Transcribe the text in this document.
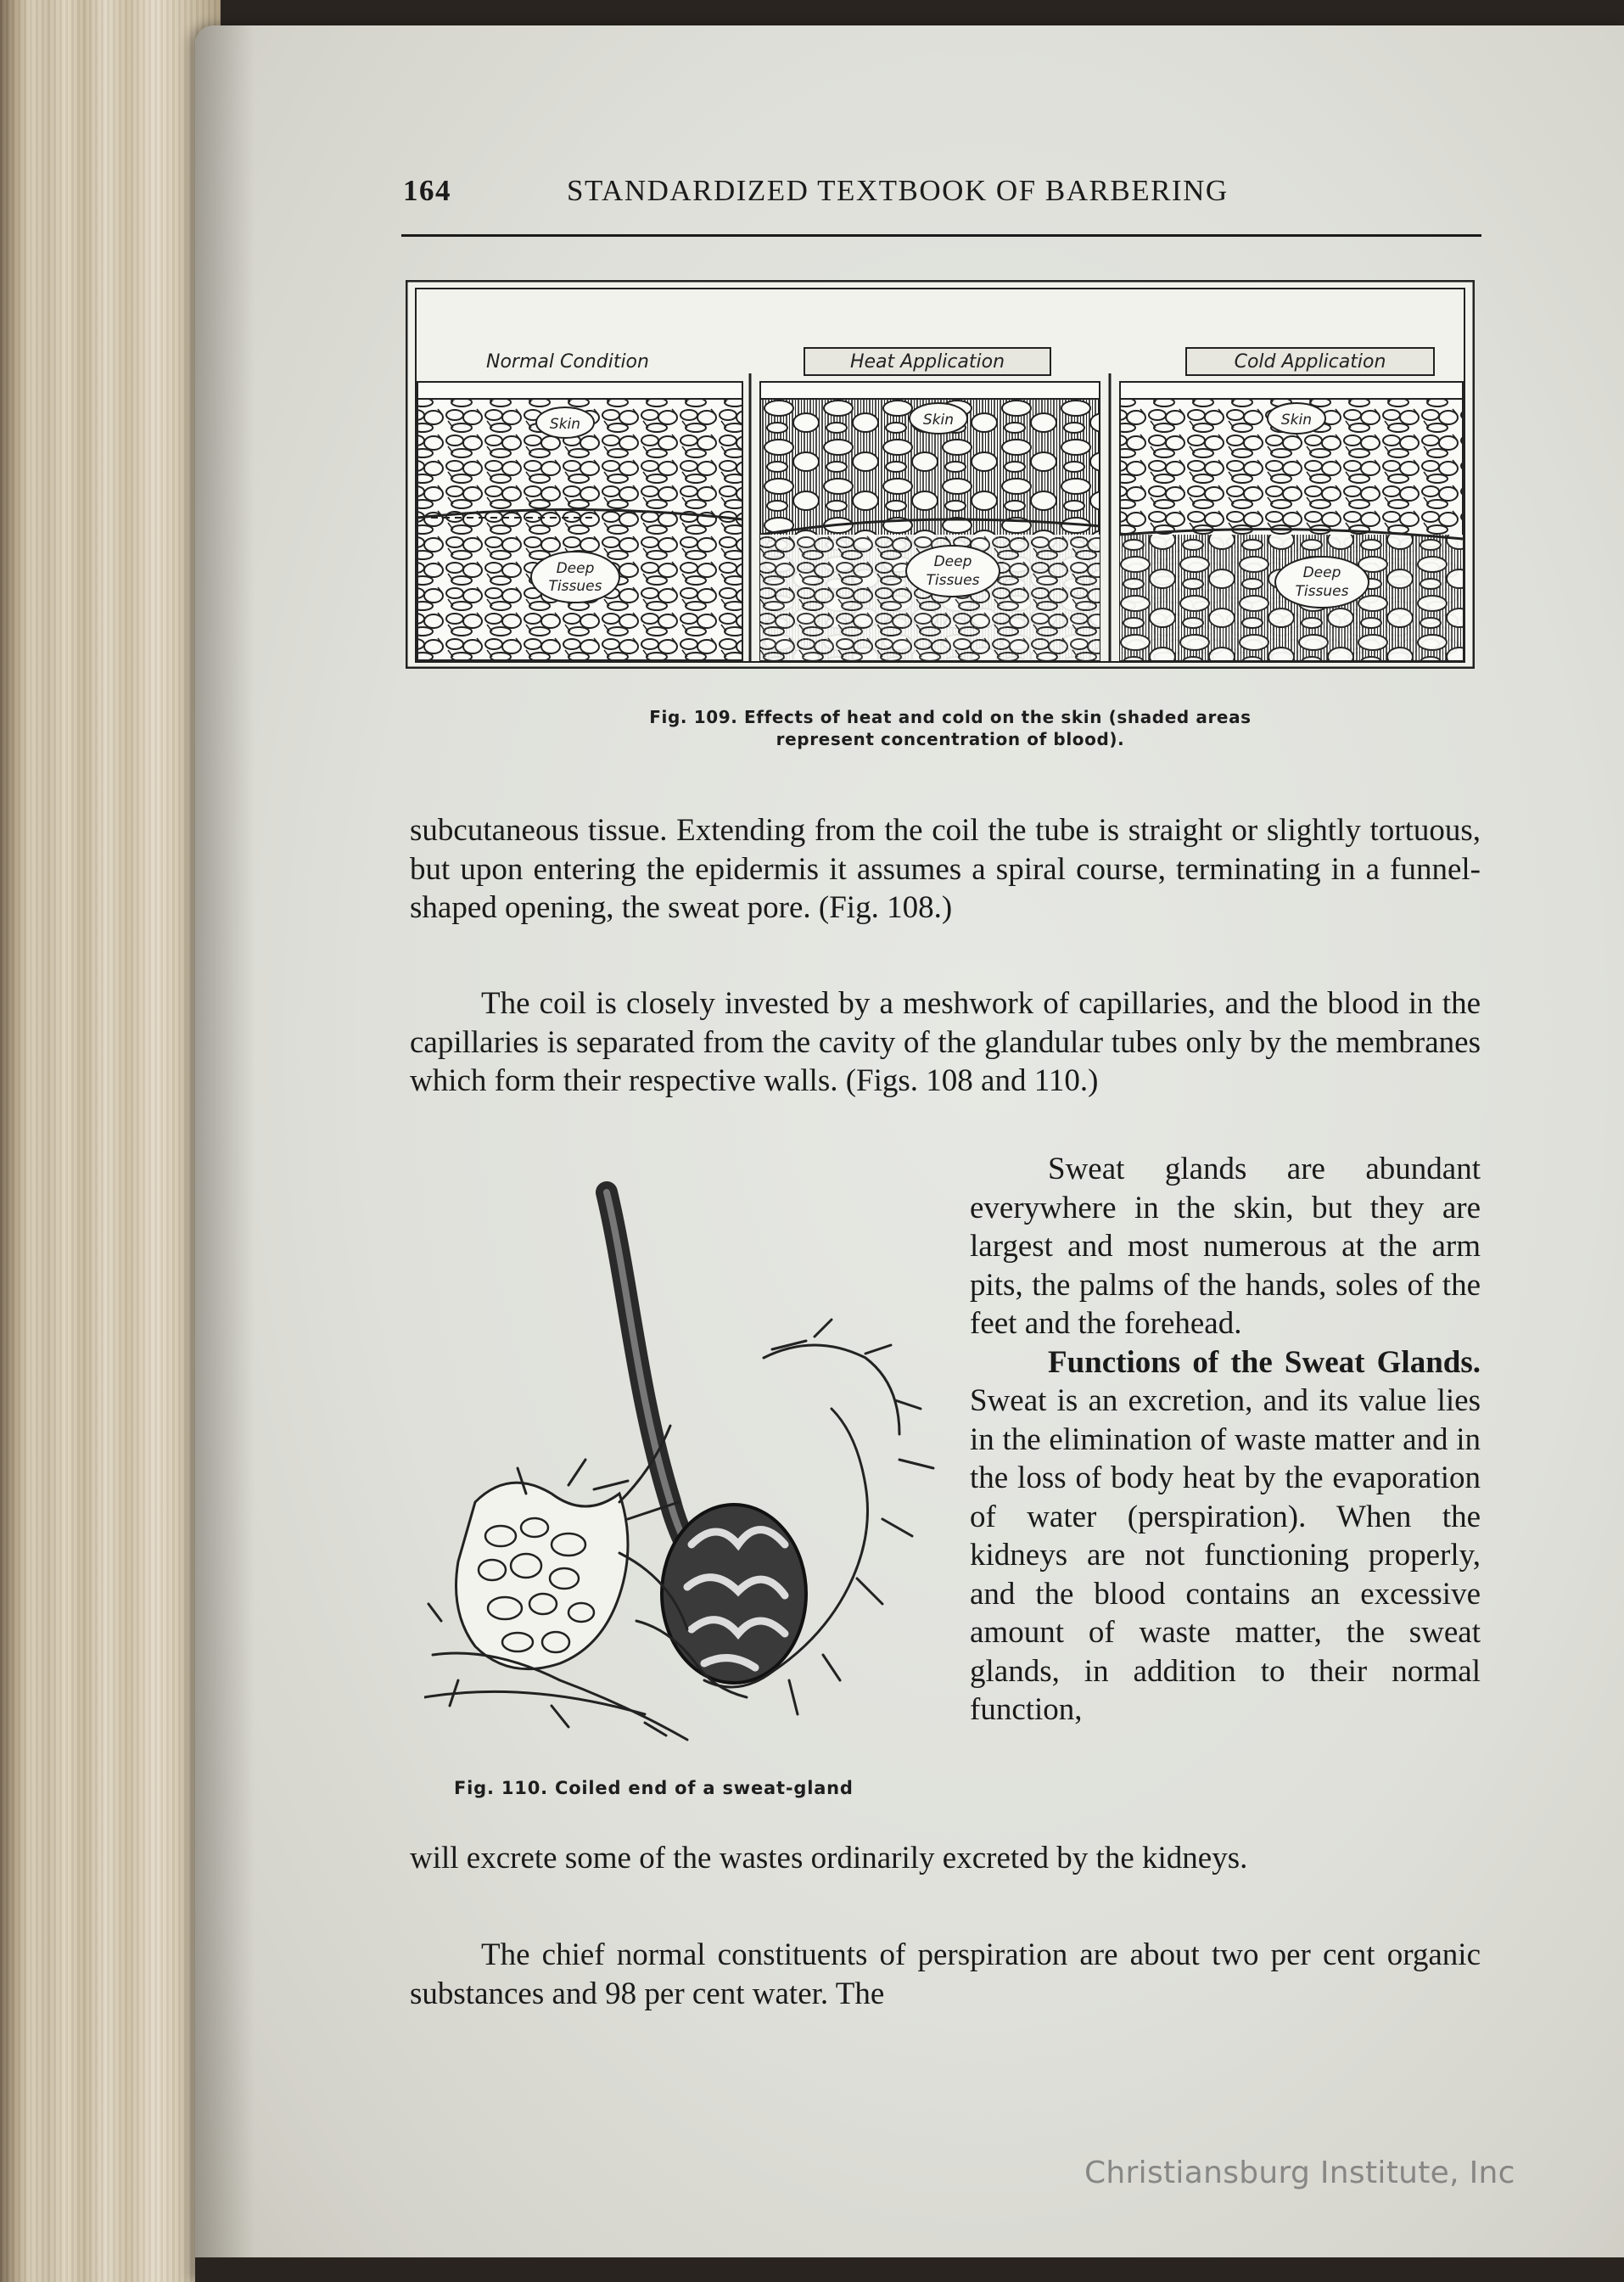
164	STANDARDIZED TEXTBOOK OF BARBERING
Normal Condition	Heat Application	Cold Application
Skin	Skin	Skin
Deep
Tissues
Deep
Tissues	Deep
Tissues
Fig. 109. Effects of heat and cold on the skin (shaded areas
represent concentration of blood).
subcutaneous tissue. Extending from the coil the tube is straight or slightly tortuous, but upon entering the epidermis it assumes a spiral course, terminating in a funnel-shaped opening, the sweat pore. (Fig. 108.)
The coil is closely invested by a meshwork of capillaries, and the blood in the capillaries is separated from the cavity of the glandular tubes only by the membranes which form their respective walls. (Figs. 108 and 110.)
Fig. 110. Coiled end of a sweat-gland
Sweat glands are abundant everywhere in the skin, but they are largest and most numerous at the arm pits, the palms of the hands, soles of the feet and the forehead.
Functions of the Sweat Glands. Sweat is an excretion, and its value lies in the elimination of waste matter and in the loss of body heat by the evaporation of water (perspiration). When the kidneys are not functioning properly, and the blood contains an excessive amount of waste matter, the sweat glands, in addition to their normal function,
will excrete some of the wastes ordinarily excreted by the kidneys.
The chief normal constituents of perspiration are about two per cent organic substances and 98 per cent water. The
Christiansburg Institute, Inc
